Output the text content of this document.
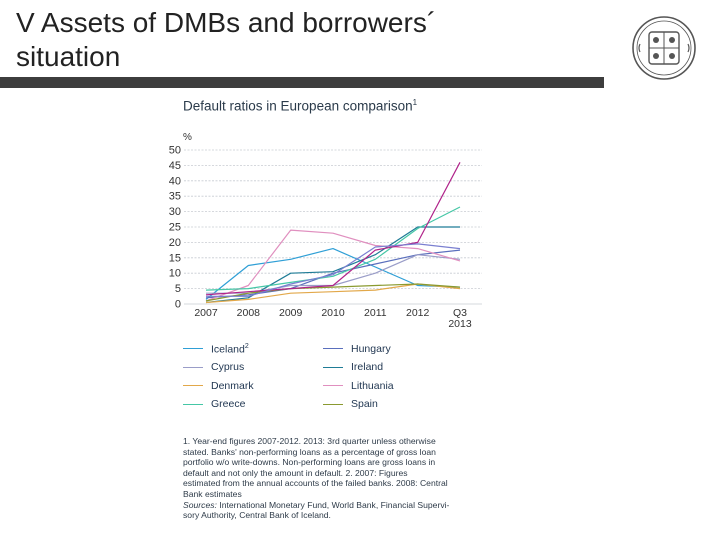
V Assets of DMBs and borrowers´
situation
Default ratios in European comparison$^1$
%
0
5
10
15
20
25
30
35
40
45
50
2007 2008 2009 2010 2011 2012 Q3
2013
Iceland$^2$	Hungary
Cyprus	Ireland
Denmark	Lithuania
Greece	Spain

1. Year-end figures 2007-2012. 2013: 3rd quarter unless otherwise

stated. Banks' non-performing loans as a percentage of gross loan

portfolio w/o write-downs. Non-performing loans are gross loans in

default and not only the amount in default. 2. 2007: Figures

estimated from the annual accounts of the failed banks. 2008: Central

Bank estimates

Sources: International Monetary Fund, World Bank, Financial Supervi-

sory Authority, Central Bank of Iceland.
